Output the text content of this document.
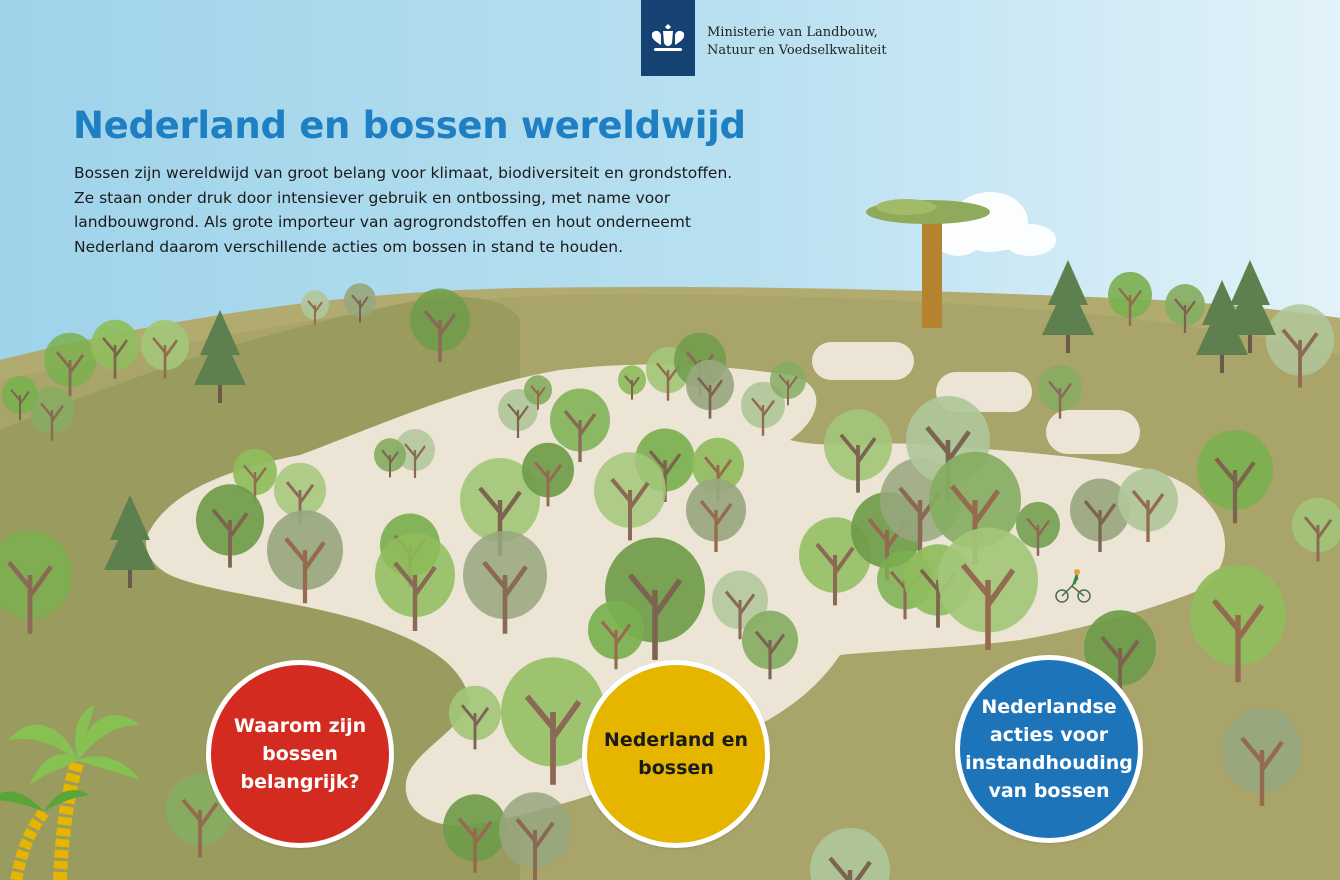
Ministerie van Landbouw,
Natuur en Voedselkwaliteit
Nederland en bossen wereldwijd
Bossen zijn wereldwijd van groot belang voor klimaat, biodiversiteit en grondstoffen.
Ze staan onder druk door intensiever gebruik en ontbossing, met name voor
landbouwgrond. Als grote importeur van agrogrondstoffen en hout onderneemt
Nederland daarom verschillende acties om bossen in stand te houden.
Waarom zijn bossen belangrijk?
Nederland en bossen
Nederlandse acties voor instandhouding van bossen
